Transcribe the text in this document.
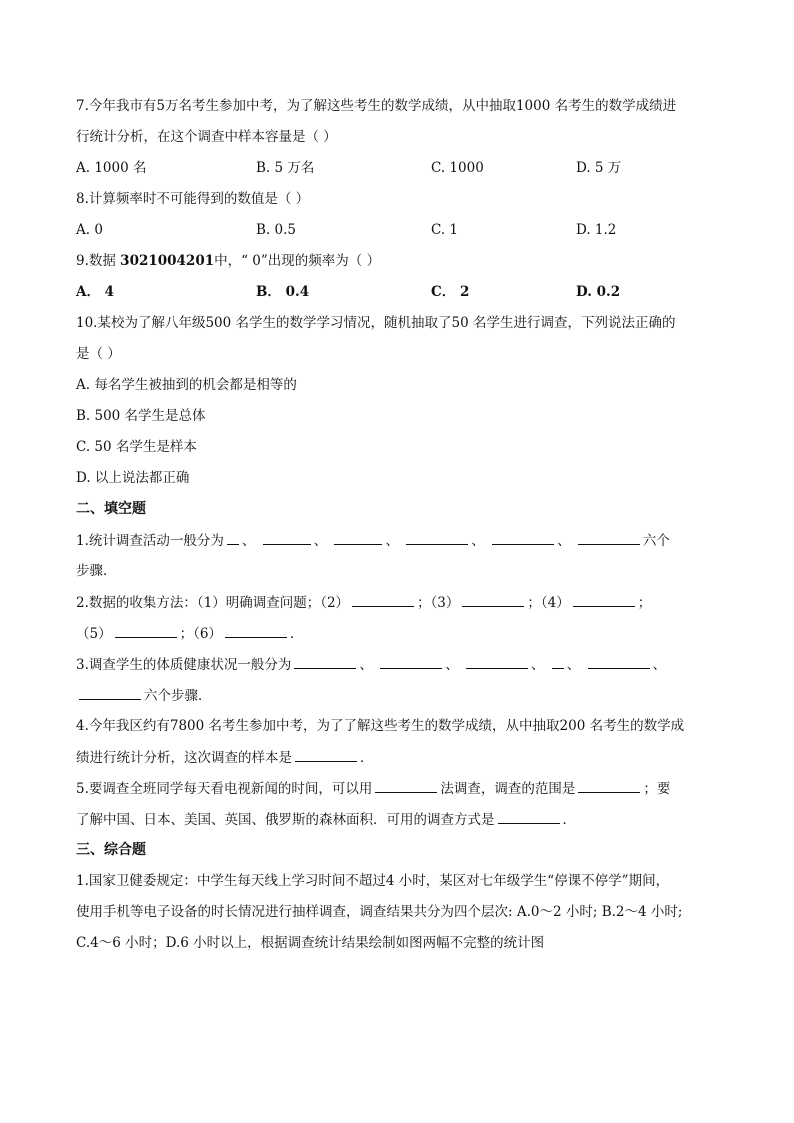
7.今年我市有5万名考生参加中考，为了解这些考生的数学成绩，从中抽取1000 名考生的数学成绩进
行统计分析，在这个调查中样本容量是（ ）
A. 1000 名	B. 5 万名	C. 1000	D. 5 万
8.计算频率时不可能得到的数值是（ ）
A. 0	B. 0.5	C. 1	D. 1.2
9.数据 3021004201中，“ 0”出现的频率为（ ）
A． 4	B． 0.4	C． 2	D. 0.2
10.某校为了解八年级500 名学生的数学学习情况，随机抽取了50 名学生进行调查，下列说法正确的
是（ ）
A. 每名学生被抽到的机会都是相等的
B. 500 名学生是总体
C. 50 名学生是样本
D. 以上说法都正确
二、填空题
1.统计调查活动一般分为 、	、	、	、	、	六个
步骤．
2.数据的收集方法：（1）明确调查问题；（2）	；（3）	；（4）	；
（5）	；（6）	．
3.调查学生的体质健康状况一般分为	、	、	、 、	、
六个步骤．
4.今年我区约有7800 名考生参加中考，为了了解这些考生的数学成绩，从中抽取200 名考生的数学成
绩进行统计分析，这次调查的样本是	．
5.要调查全班同学每天看电视新闻的时间，可以用	法调查，调查的范围是	；要
了解中国、日本、美国、英国、俄罗斯的森林面积．可用的调查方式是	．
三、综合题
1.国家卫健委规定：中学生每天线上学习时间不超过4 小时，某区对七年级学生“停课不停学”期间，
使用手机等电子设备的时长情况进行抽样调查，调查结果共分为四个层次: A.0～2 小时; B.2～4 小时;
C.4～6 小时；D.6 小时以上，根据调查统计结果绘制如图两幅不完整的统计图
